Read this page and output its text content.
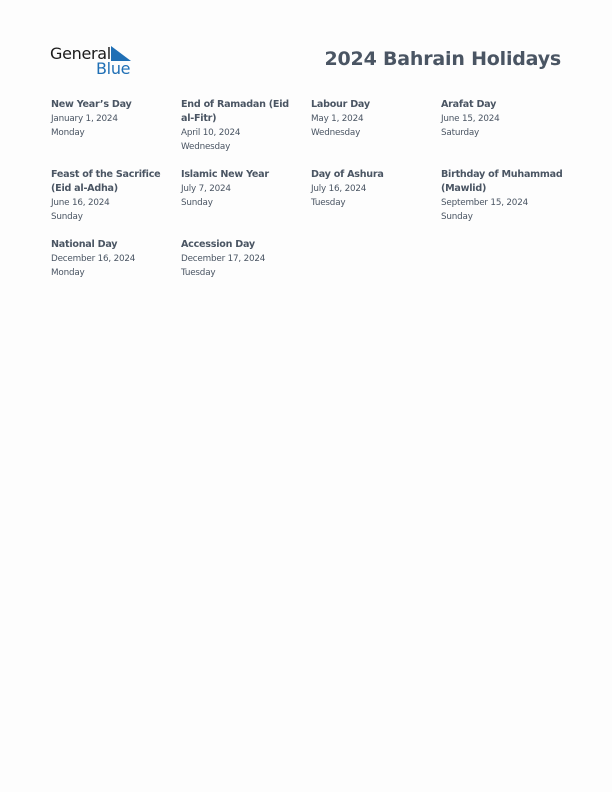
General
Blue	2024 Bahrain Holidays
New Year’s Day
January 1, 2024
Monday
End of Ramadan (Eid al-Fitr)
April 10, 2024
Wednesday
Labour Day
May 1, 2024
Wednesday
Arafat Day
June 15, 2024
Saturday
Feast of the Sacrifice (Eid al-Adha)
June 16, 2024
Sunday
Islamic New Year
July 7, 2024
Sunday
Day of Ashura
July 16, 2024
Tuesday
Birthday of Muhammad (Mawlid)
September 15, 2024
Sunday
National Day
December 16, 2024
Monday
Accession Day
December 17, 2024
Tuesday
